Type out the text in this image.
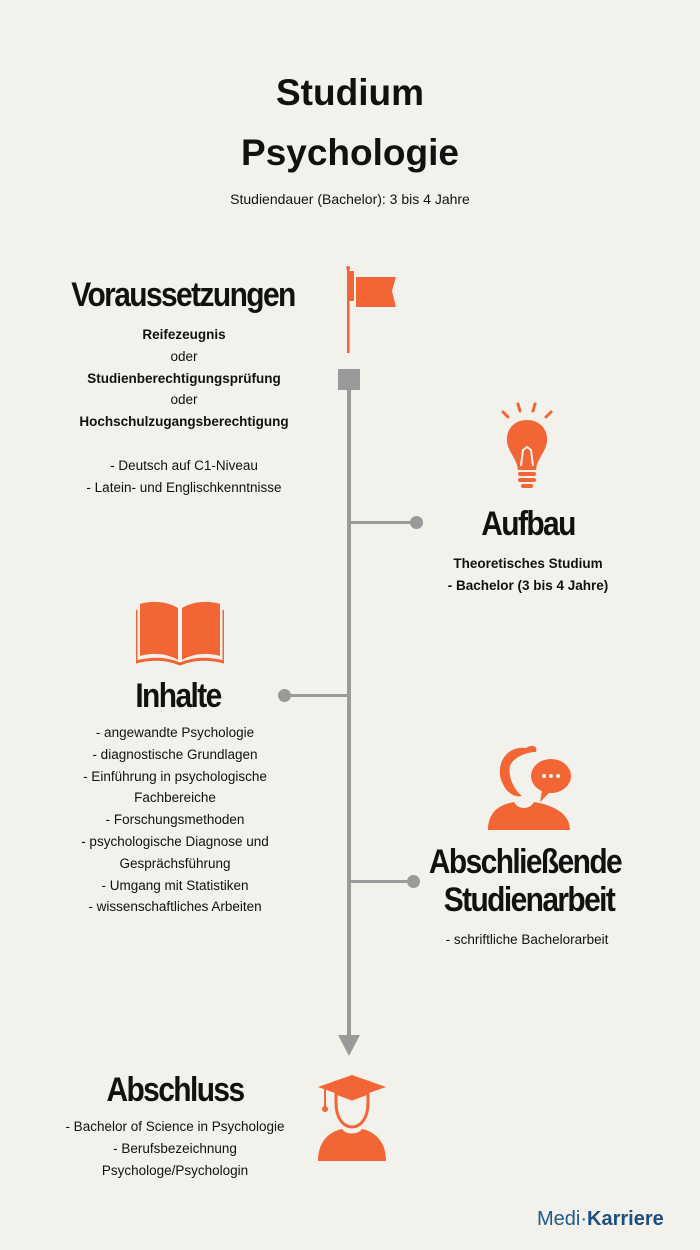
Studium
Psychologie
Studiendauer (Bachelor): 3 bis 4 Jahre
Voraussetzungen
Reifezeugnis
oder
Studienberechtigungsprüfung
oder
Hochschulzugangsberechtigung
- Deutsch auf C1-Niveau
- Latein- und Englischkenntnisse
Aufbau
Theoretisches Studium
- Bachelor (3 bis 4 Jahre)
Inhalte
- angewandte Psychologie
- diagnostische Grundlagen
- Einführung in psychologische
Fachbereiche
- Forschungsmethoden
- psychologische Diagnose und
Gesprächsführung
- Umgang mit Statistiken
- wissenschaftliches Arbeiten
Abschließende
Studienarbeit
- schriftliche Bachelorarbeit
Abschluss
- Bachelor of Science in Psychologie
- Berufsbezeichnung
Psychologe/Psychologin
Medi·Karriere
